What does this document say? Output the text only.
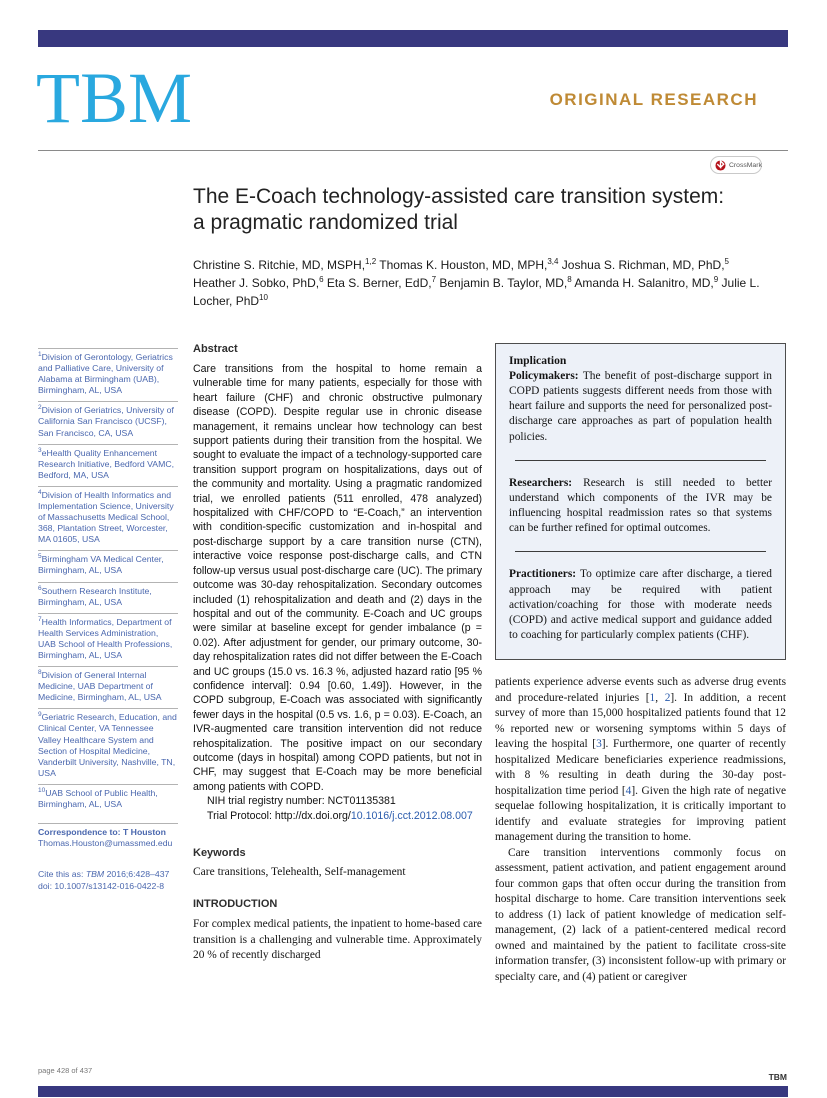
TBM	ORIGINAL RESEARCH
CrossMark
The E-Coach technology-assisted care transition system:
a pragmatic randomized trial
Christine S. Ritchie, MD, MSPH,$^{1,2}$ Thomas K. Houston, MD, MPH,$^{3,4}$ Joshua S. Richman, MD, PhD,$^5$ Heather J. Sobko, PhD,$^6$ Eta S. Berner, EdD,$^7$ Benjamin B. Taylor, MD,$^8$ Amanda H. Salanitro, MD,$^9$ Julie L. Locher, PhD$^{10}$
$^1$Division of Gerontology, Geriatrics and Palliative Care, University of Alabama at Birmingham (UAB), Birmingham, AL, USA
$^2$Division of Geriatrics, University of California San Francisco (UCSF), San Francisco, CA, USA
$^3$eHealth Quality Enhancement Research Initiative, Bedford VAMC, Bedford, MA, USA
$^4$Division of Health Informatics and Implementation Science, University of Massachusetts Medical School, 368, Plantation Street, Worcester, MA 01605, USA
$^5$Birmingham VA Medical Center, Birmingham, AL, USA
$^6$Southern Research Institute, Birmingham, AL, USA
$^7$Health Informatics, Department of Health Services Administration, UAB School of Health Professions, Birmingham, AL, USA
$^8$Division of General Internal Medicine, UAB Department of Medicine, Birmingham, AL, USA
$^9$Geriatric Research, Education, and Clinical Center, VA Tennessee Valley Healthcare System and Section of Hospital Medicine, Vanderbilt University, Nashville, TN, USA
$^{10}$UAB School of Public Health, Birmingham, AL, USA
Correspondence to: T Houston
Thomas.Houston@umassmed.edu
Cite this as: TBM 2016;6:428–437
doi: 10.1007/s13142-016-0422-8
Abstract

Care transitions from the hospital to home remain a vulnerable time for many patients, especially for those with heart failure (CHF) and chronic obstructive pulmonary disease (COPD). Despite regular use in chronic disease management, it remains unclear how technology can best support patients during their transition from the hospital. We sought to evaluate the impact of a technology-supported care transition support program on hospitalizations, days out of the community and mortality. Using a pragmatic randomized trial, we enrolled patients (511 enrolled, 478 analyzed) hospitalized with CHF/COPD to “E-Coach,” an intervention with condition-specific customization and in-hospital and post-discharge support by a care transition nurse (CTN), interactive voice response post-discharge calls, and CTN follow-up versus usual post-discharge care (UC). The primary outcome was 30-day rehospitalization. Secondary outcomes included (1) rehospitalization and death and (2) days in the hospital and out of the community. E-Coach and UC groups were similar at baseline except for gender imbalance (p = 0.02). After adjustment for gender, our primary outcome, 30-day rehospitalization rates did not differ between the E-Coach and UC groups (15.0 vs. 16.3 %, adjusted hazard ratio [95 % confidence interval]: 0.94 [0.60, 1.49]). However, in the COPD subgroup, E-Coach was associated with significantly fewer days in the hospital (0.5 vs. 1.6, p = 0.03). E-Coach, an IVR-augmented care transition intervention did not reduce rehospitalization. The positive impact on our secondary outcome (days in hospital) among COPD patients, but not in CHF, may suggest that E-Coach may be more beneficial among patients with COPD.

NIH trial registry number: NCT01135381

Trial Protocol: http://dx.doi.org/10.1016/j.cct.2012.08.007

Keywords

Care transitions, Telehealth, Self-management

INTRODUCTION

For complex medical patients, the inpatient to home-based care transition is a challenging and vulnerable time. Approximately 20 % of recently discharged

Implication

Policymakers: The benefit of post-discharge support in COPD patients suggests different needs from those with heart failure and supports the need for personalized post-discharge care approaches as part of population health policies.

Researchers: Research is still needed to better understand which components of the IVR may be influencing hospital readmission rates so that systems can be further refined for optimal outcomes.

Practitioners: To optimize care after discharge, a tiered approach may be required with patient activation/coaching for those with moderate needs (COPD) and active medical support and guidance added to coaching for particularly complex patients (CHF).

patients experience adverse events such as adverse drug events and procedure-related injuries [1, 2]. In addition, a recent survey of more than 15,000 hospitalized patients found that 12 % reported new or worsening symptoms within 5 days of leaving the hospital [3]. Furthermore, one quarter of recently hospitalized Medicare beneficiaries experience readmissions, with 8 % resulting in death during the 30-day post-hospitalization time period [4]. Given the high rate of negative sequelae following hospitalization, it is critically important to identify and evaluate strategies for improving patient management during the transition to home.

Care transition interventions commonly focus on assessment, patient activation, and patient engagement around four common gaps that often occur during the transition from hospital discharge to home. Care transition interventions seek to address (1) lack of patient knowledge of medication self-management, (2) lack of a patient-centered medical record owned and maintained by the patient to facilitate cross-site information transfer, (3) inconsistent follow-up with primary or specialty care, and (4) patient or caregiver

page 428 of 437
TBM
